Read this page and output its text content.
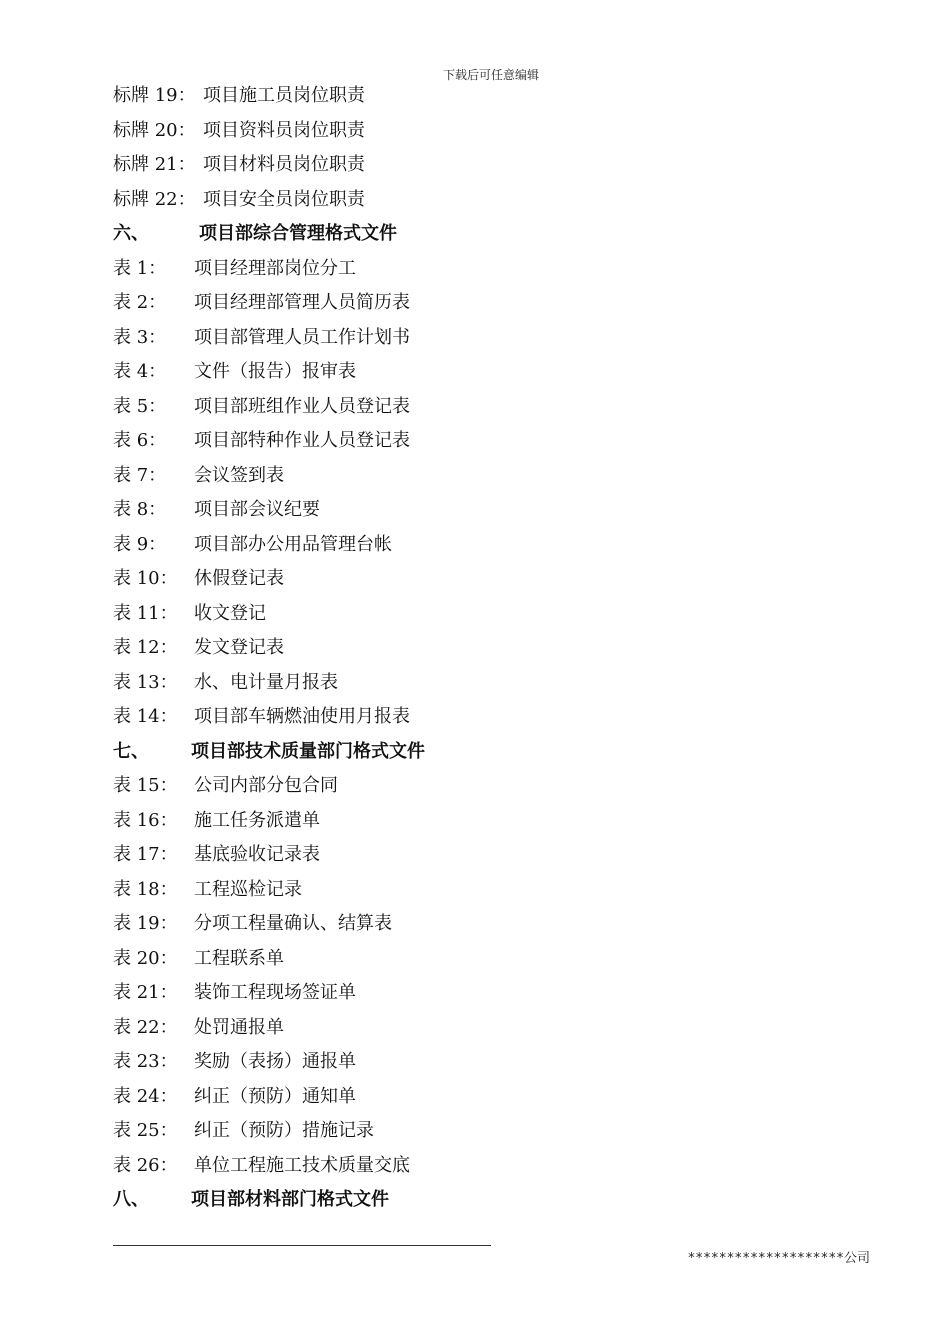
下载后可任意编辑
标牌 19： 项目施工员岗位职责
标牌 20： 项目资料员岗位职责
标牌 21： 项目材料员岗位职责
标牌 22： 项目安全员岗位职责
六、	项目部综合管理格式文件
表 1： 项目经理部岗位分工
表 2： 项目经理部管理人员简历表
表 3： 项目部管理人员工作计划书
表 4： 文件（报告）报审表
表 5： 项目部班组作业人员登记表
表 6： 项目部特种作业人员登记表
表 7： 会议签到表
表 8： 项目部会议纪要
表 9： 项目部办公用品管理台帐
表 10： 休假登记表
表 11： 收文登记
表 12： 发文登记表
表 13： 水、电计量月报表
表 14： 项目部车辆燃油使用月报表
七、 项目部技术质量部门格式文件
表 15： 公司内部分包合同
表 16： 施工任务派遣单
表 17： 基底验收记录表
表 18： 工程巡检记录
表 19： 分项工程量确认、结算表
表 20： 工程联系单
表 21： 装饰工程现场签证单
表 22： 处罚通报单
表 23： 奖励（表扬）通报单
表 24： 纠正（预防）通知单
表 25： 纠正（预防）措施记录
表 26： 单位工程施工技术质量交底
八、 项目部材料部门格式文件
********************公司
